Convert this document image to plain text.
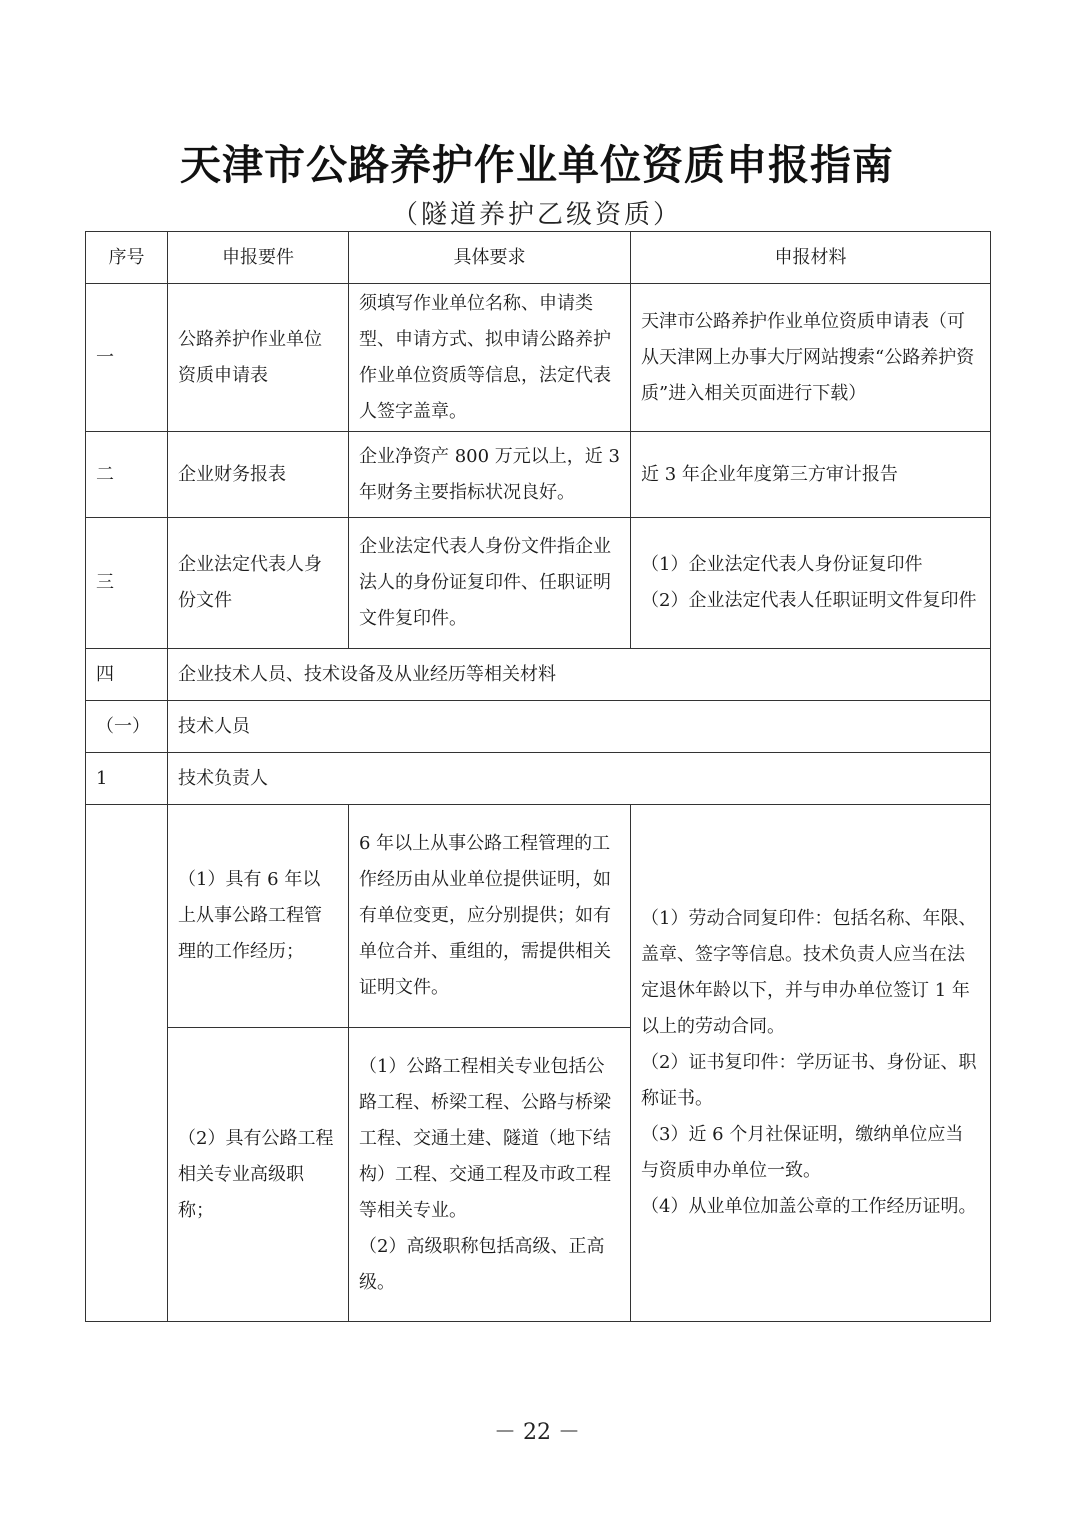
天津市公路养护作业单位资质申报指南
（隧道养护乙级资质）
序号	申报要件	具体要求	申报材料
一	公路养护作业单位资质申请表	须填写作业单位名称、申请类型、申请方式、拟申请公路养护作业单位资质等信息，法定代表人签字盖章。	天津市公路养护作业单位资质申请表（可从天津网上办事大厅网站搜索“公路养护资质”进入相关页面进行下载）
二	企业财务报表	企业净资产 800 万元以上，近 3 年财务主要指标状况良好。	近 3 年企业年度第三方审计报告
三	企业法定代表人身份文件	企业法定代表人身份文件指企业法人的身份证复印件、任职证明文件复印件。	（1）企业法定代表人身份证复印件
（2）企业法定代表人任职证明文件复印件

四	企业技术人员、技术设备及从业经历等相关材料		
（一）	技术人员		
1	技术负责人		
	（1）具有 6 年以上从事公路工程管理的工作经历；	6 年以上从事公路工程管理的工作经历由从业单位提供证明，如有单位变更，应分别提供；如有单位合并、重组的，需提供相关证明文件。	（1）劳动合同复印件：包括名称、年限、盖章、签字等信息。技术负责人应当在法定退休年龄以下，并与申办单位签订 1 年以上的劳动合同。
（2）证书复印件：学历证书、身份证、职称证书。
（3）近 6 个月社保证明，缴纳单位应当与资质申办单位一致。
（4）从业单位加盖公章的工作经历证明。

	（2）具有公路工程相关专业高级职称；	（1）公路工程相关专业包括公路工程、桥梁工程、公路与桥梁工程、交通土建、隧道（地下结构）工程、交通工程及市政工程等相关专业。
（2）高级职称包括高级、正高级。	
－ 22 －
